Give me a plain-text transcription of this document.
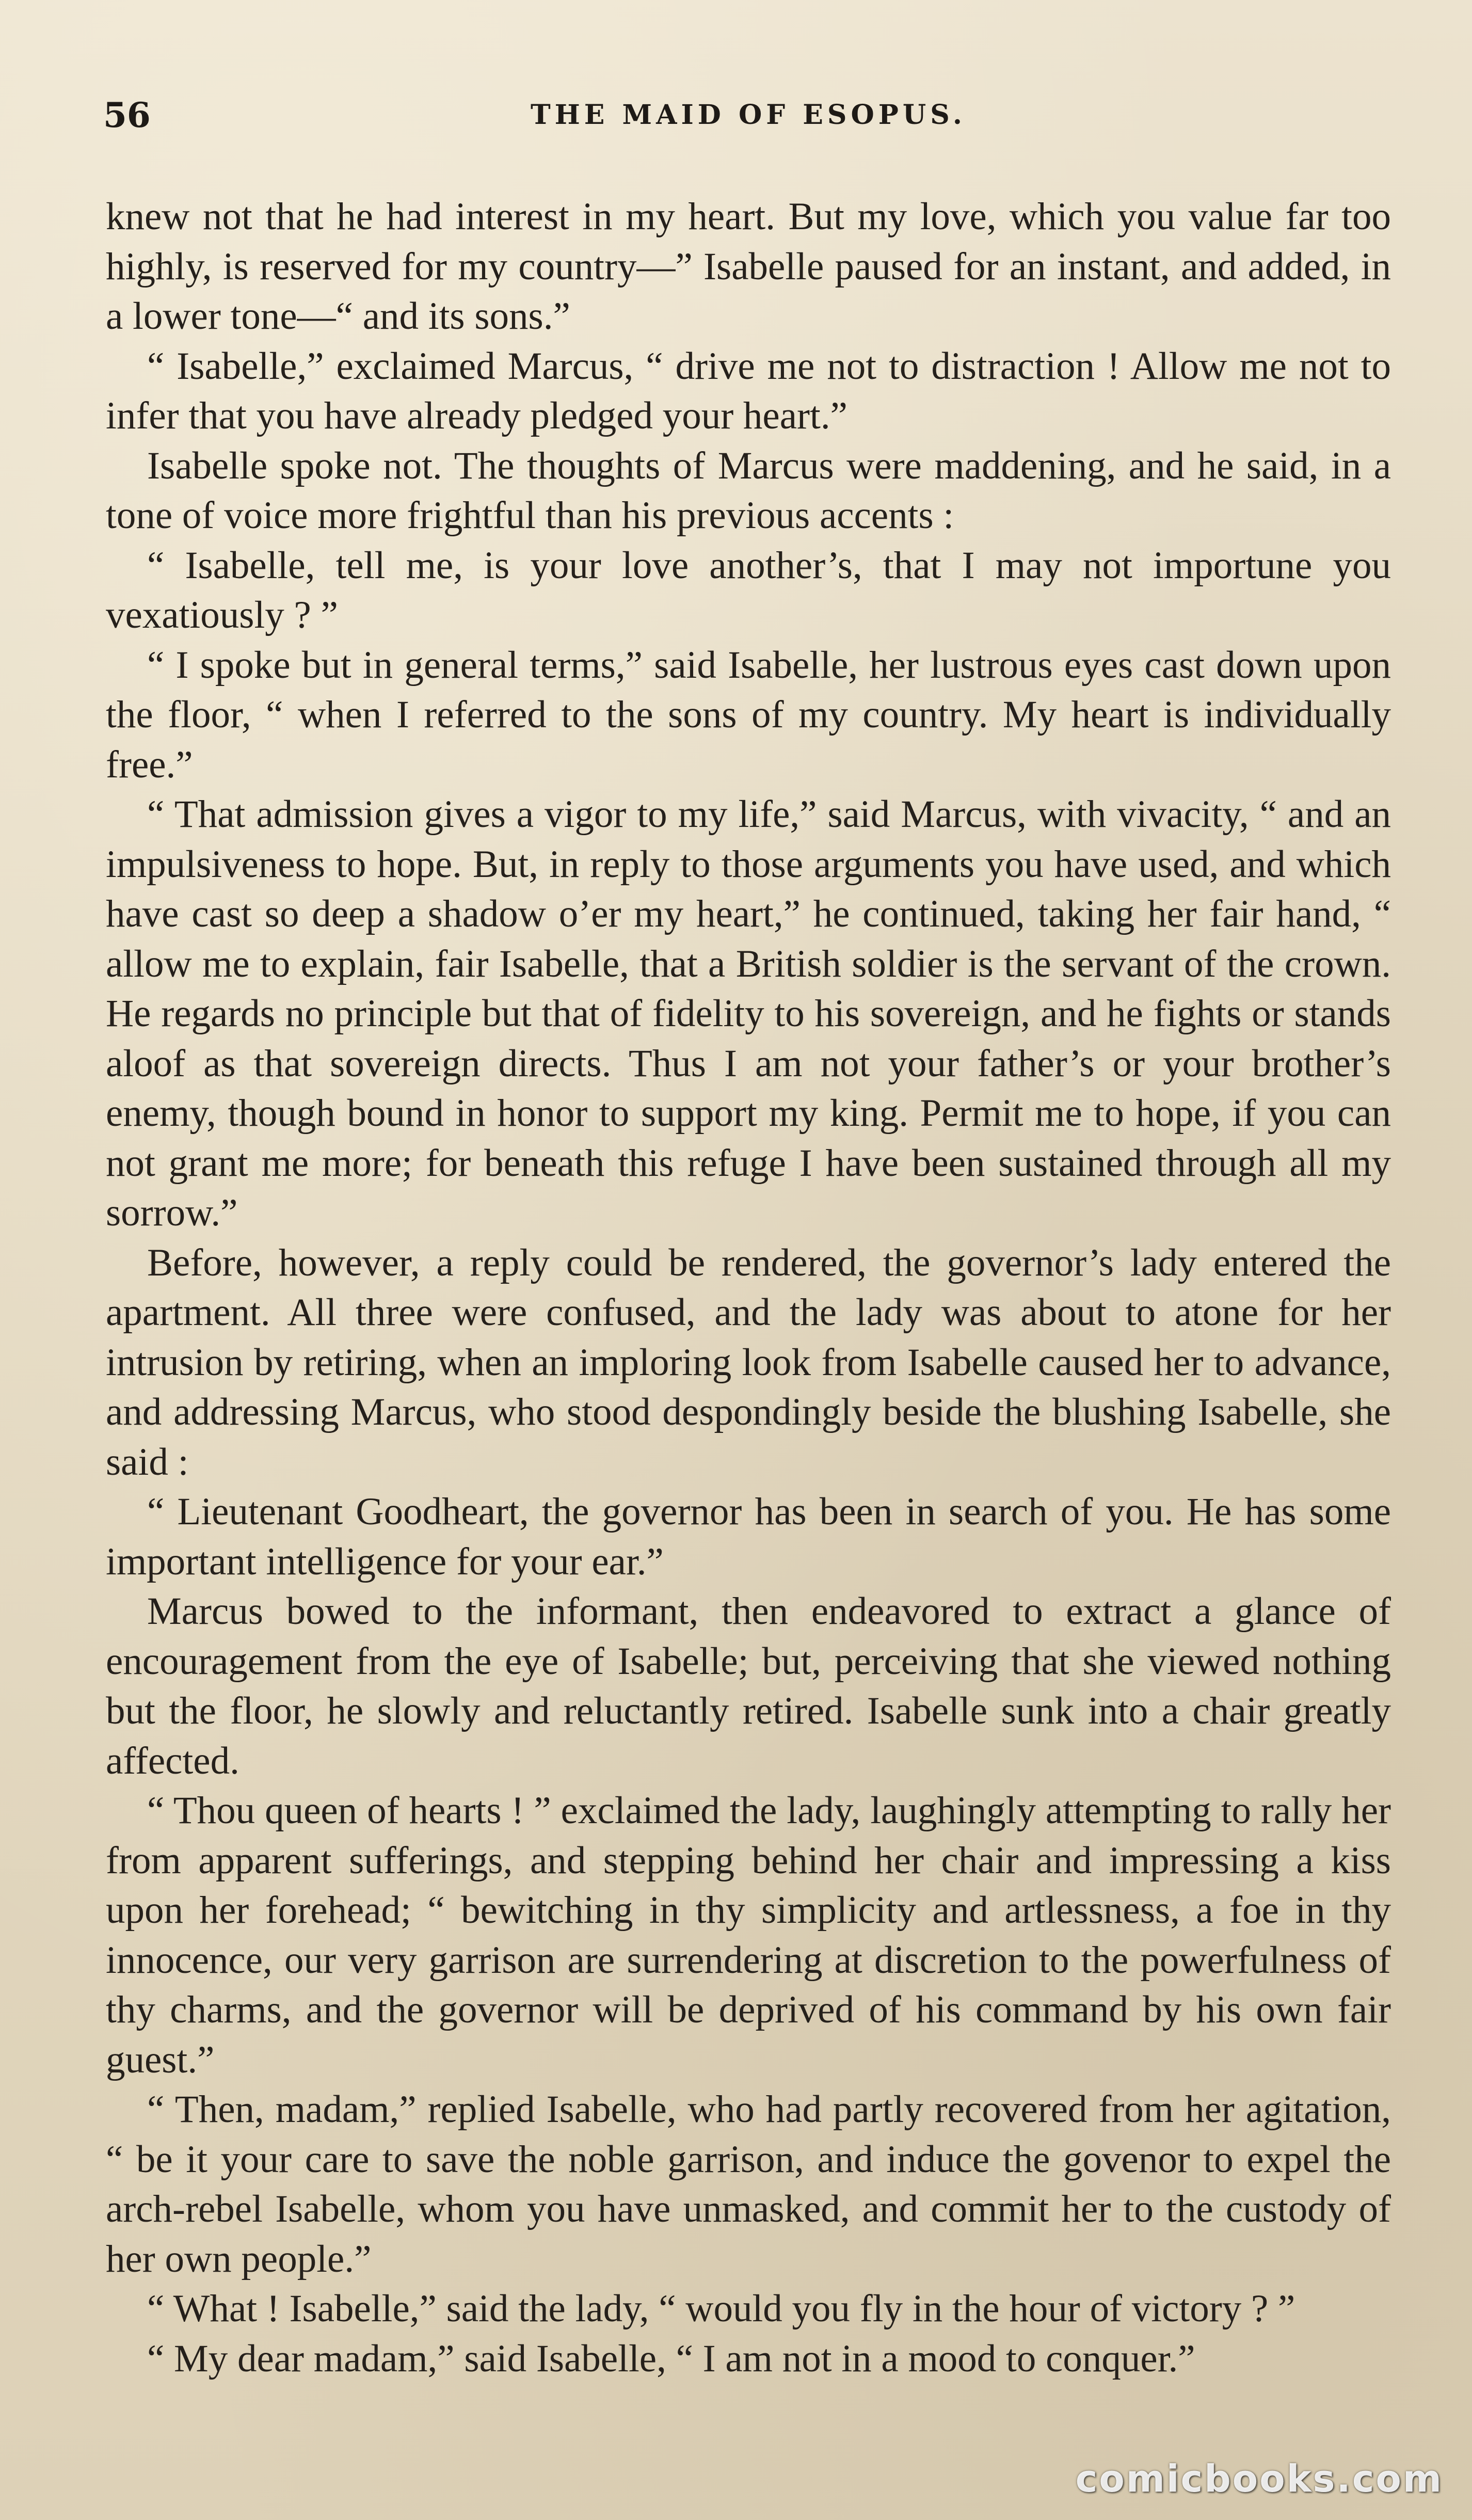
56	THE MAID OF ESOPUS.

knew not that he had interest in my heart. But my love, which you value far too highly, is reserved for my country—” Isabelle paused for an instant, and added, in a lower tone—“ and its sons.”

“ Isabelle,” exclaimed Marcus, “ drive me not to distraction ! Allow me not to infer that you have already pledged your heart.”

Isabelle spoke not. The thoughts of Marcus were maddening, and he said, in a tone of voice more frightful than his previous accents :

“ Isabelle, tell me, is your love another’s, that I may not importune you vexatiously ? ”

“ I spoke but in general terms,” said Isabelle, her lustrous eyes cast down upon the floor, “ when I referred to the sons of my country. My heart is individually free.”

“ That admission gives a vigor to my life,” said Marcus, with vivacity, “ and an impulsiveness to hope. But, in reply to those arguments you have used, and which have cast so deep a shadow o’er my heart,” he continued, taking her fair hand, “ allow me to explain, fair Isabelle, that a British soldier is the servant of the crown. He regards no principle but that of fidelity to his sovereign, and he fights or stands aloof as that sovereign directs. Thus I am not your father’s or your brother’s enemy, though bound in honor to support my king. Permit me to hope, if you can not grant me more; for beneath this refuge I have been sustained through all my sorrow.”

Before, however, a reply could be rendered, the governor’s lady entered the apartment. All three were confused, and the lady was about to atone for her intrusion by retiring, when an imploring look from Isabelle caused her to advance, and addressing Marcus, who stood despondingly beside the blushing Isabelle, she said :

“ Lieutenant Goodheart, the governor has been in search of you. He has some important intelligence for your ear.”

Marcus bowed to the informant, then endeavored to extract a glance of encouragement from the eye of Isabelle; but, perceiving that she viewed nothing but the floor, he slowly and reluctantly retired. Isabelle sunk into a chair greatly affected.

“ Thou queen of hearts ! ” exclaimed the lady, laughingly attempting to rally her from apparent sufferings, and stepping behind her chair and impressing a kiss upon her forehead; “ bewitching in thy simplicity and artlessness, a foe in thy innocence, our very garrison are surrendering at discretion to the powerfulness of thy charms, and the governor will be deprived of his command by his own fair guest.”

“ Then, madam,” replied Isabelle, who had partly recovered from her agitation, “ be it your care to save the noble garrison, and induce the govenor to expel the arch-rebel Isabelle, whom you have unmasked, and commit her to the custody of her own people.”

“ What ! Isabelle,” said the lady, “ would you fly in the hour of victory ? ”

“ My dear madam,” said Isabelle, “ I am not in a mood to conquer.”

comicbooks.com
